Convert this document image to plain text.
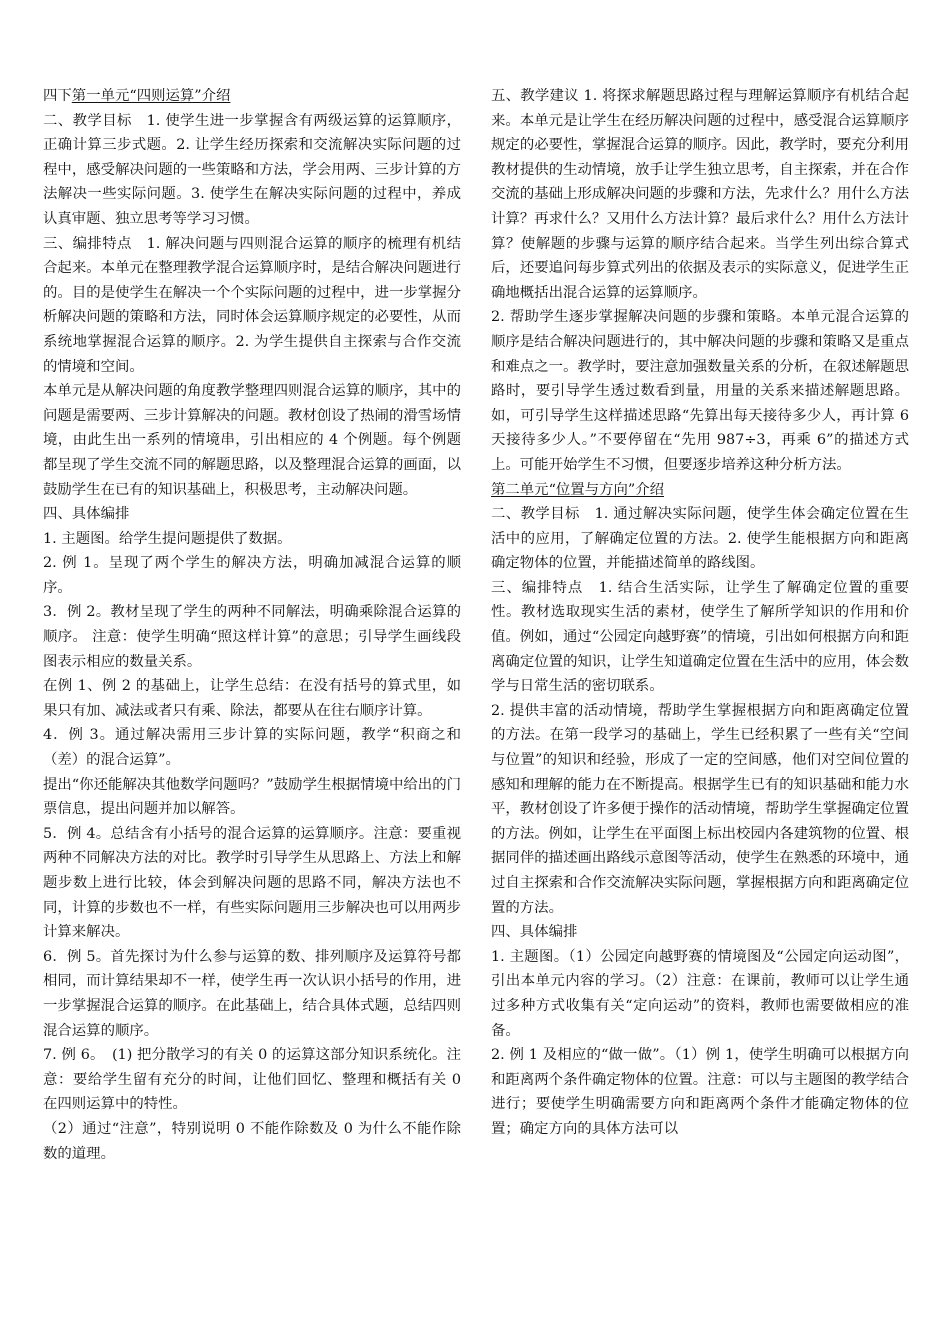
四下第一单元“四则运算”介绍

二、教学目标　1. 使学生进一步掌握含有两级运算的运算顺序，正确计算三步式题。2. 让学生经历探索和交流解决实际问题的过程中，感受解决问题的一些策略和方法，学会用两、三步计算的方法解决一些实际问题。3. 使学生在解决实际问题的过程中，养成认真审题、独立思考等学习习惯。

三、编排特点　1. 解决问题与四则混合运算的顺序的梳理有机结合起来。本单元在整理教学混合运算顺序时，是结合解决问题进行的。目的是使学生在解决一个个实际问题的过程中，进一步掌握分析解决问题的策略和方法，同时体会运算顺序规定的必要性，从而系统地掌握混合运算的顺序。2. 为学生提供自主探索与合作交流的情境和空间。

本单元是从解决问题的角度教学整理四则混合运算的顺序，其中的问题是需要两、三步计算解决的问题。教材创设了热闹的滑雪场情境，由此生出一系列的情境串，引出相应的 4 个例题。每个例题都呈现了学生交流不同的解题思路，以及整理混合运算的画面，以鼓励学生在已有的知识基础上，积极思考，主动解决问题。

四、具体编排

1. 主题图。给学生提问题提供了数据。

2. 例 1。呈现了两个学生的解决方法，明确加减混合运算的顺序。

3．例 2。教材呈现了学生的两种不同解法，明确乘除混合运算的顺序。 注意：使学生明确“照这样计算”的意思；引导学生画线段图表示相应的数量关系。

在例 1、例 2 的基础上，让学生总结：在没有括号的算式里，如果只有加、减法或者只有乘、除法，都要从在往右顺序计算。

4．例 3。通过解决需用三步计算的实际问题，教学“积商之和（差）的混合运算”。

提出“你还能解决其他数学问题吗？”鼓励学生根据情境中给出的门票信息，提出问题并加以解答。

5．例 4。总结含有小括号的混合运算的运算顺序。注意：要重视两种不同解决方法的对比。教学时引导学生从思路上、方法上和解题步数上进行比较，体会到解决问题的思路不同，解决方法也不同，计算的步数也不一样，有些实际问题用三步解决也可以用两步计算来解决。

6．例 5。首先探讨为什么参与运算的数、排列顺序及运算符号都相同，而计算结果却不一样，使学生再一次认识小括号的作用，进一步掌握混合运算的顺序。在此基础上，结合具体式题，总结四则混合运算的顺序。

7. 例 6。　(1) 把分散学习的有关 0 的运算这部分知识系统化。注意：要给学生留有充分的时间，让他们回忆、整理和概括有关 0 在四则运算中的特性。

（2）通过“注意”，特别说明 0 不能作除数及 0 为什么不能作除数的道理。

五、教学建议 1. 将探求解题思路过程与理解运算顺序有机结合起来。本单元是让学生在经历解决问题的过程中，感受混合运算顺序规定的必要性，掌握混合运算的顺序。因此，教学时，要充分利用教材提供的生动情境，放手让学生独立思考，自主探索，并在合作交流的基础上形成解决问题的步骤和方法，先求什么？用什么方法计算？再求什么？又用什么方法计算？最后求什么？用什么方法计算？使解题的步骤与运算的顺序结合起来。当学生列出综合算式后，还要追问每步算式列出的依据及表示的实际意义，促进学生正确地概括出混合运算的运算顺序。

2. 帮助学生逐步掌握解决问题的步骤和策略。本单元混合运算的顺序是结合解决问题进行的，其中解决问题的步骤和策略又是重点和难点之一。教学时，要注意加强数量关系的分析，在叙述解题思路时，要引导学生透过数看到量，用量的关系来描述解题思路。如，可引导学生这样描述思路“先算出每天接待多少人，再计算 6 天接待多少人。”不要停留在“先用 987÷3，再乘 6”的描述方式上。可能开始学生不习惯，但要逐步培养这种分析方法。

第二单元“位置与方向”介绍

二、教学目标　1. 通过解决实际问题，使学生体会确定位置在生活中的应用，了解确定位置的方法。2. 使学生能根据方向和距离确定物体的位置，并能描述简单的路线图。

三、编排特点　1. 结合生活实际，让学生了解确定位置的重要性。教材选取现实生活的素材，使学生了解所学知识的作用和价值。例如，通过“公园定向越野赛”的情境，引出如何根据方向和距离确定位置的知识，让学生知道确定位置在生活中的应用，体会数学与日常生活的密切联系。

2. 提供丰富的活动情境，帮助学生掌握根据方向和距离确定位置的方法。在第一段学习的基础上，学生已经积累了一些有关“空间与位置”的知识和经验，形成了一定的空间感，他们对空间位置的感知和理解的能力在不断提高。根据学生已有的知识基础和能力水平，教材创设了许多便于操作的活动情境，帮助学生掌握确定位置的方法。例如，让学生在平面图上标出校园内各建筑物的位置、根据同伴的描述画出路线示意图等活动，使学生在熟悉的环境中，通过自主探索和合作交流解决实际问题，掌握根据方向和距离确定位置的方法。

四、具体编排

1. 主题图。（1）公园定向越野赛的情境图及“公园定向运动图”，引出本单元内容的学习。（2）注意：在课前，教师可以让学生通过多种方式收集有关“定向运动”的资料，教师也需要做相应的准备。

2. 例 1 及相应的“做一做”。（1）例 1，使学生明确可以根据方向和距离两个条件确定物体的位置。注意：可以与主题图的教学结合进行；要使学生明确需要方向和距离两个条件才能确定物体的位置；确定方向的具体方法可以
